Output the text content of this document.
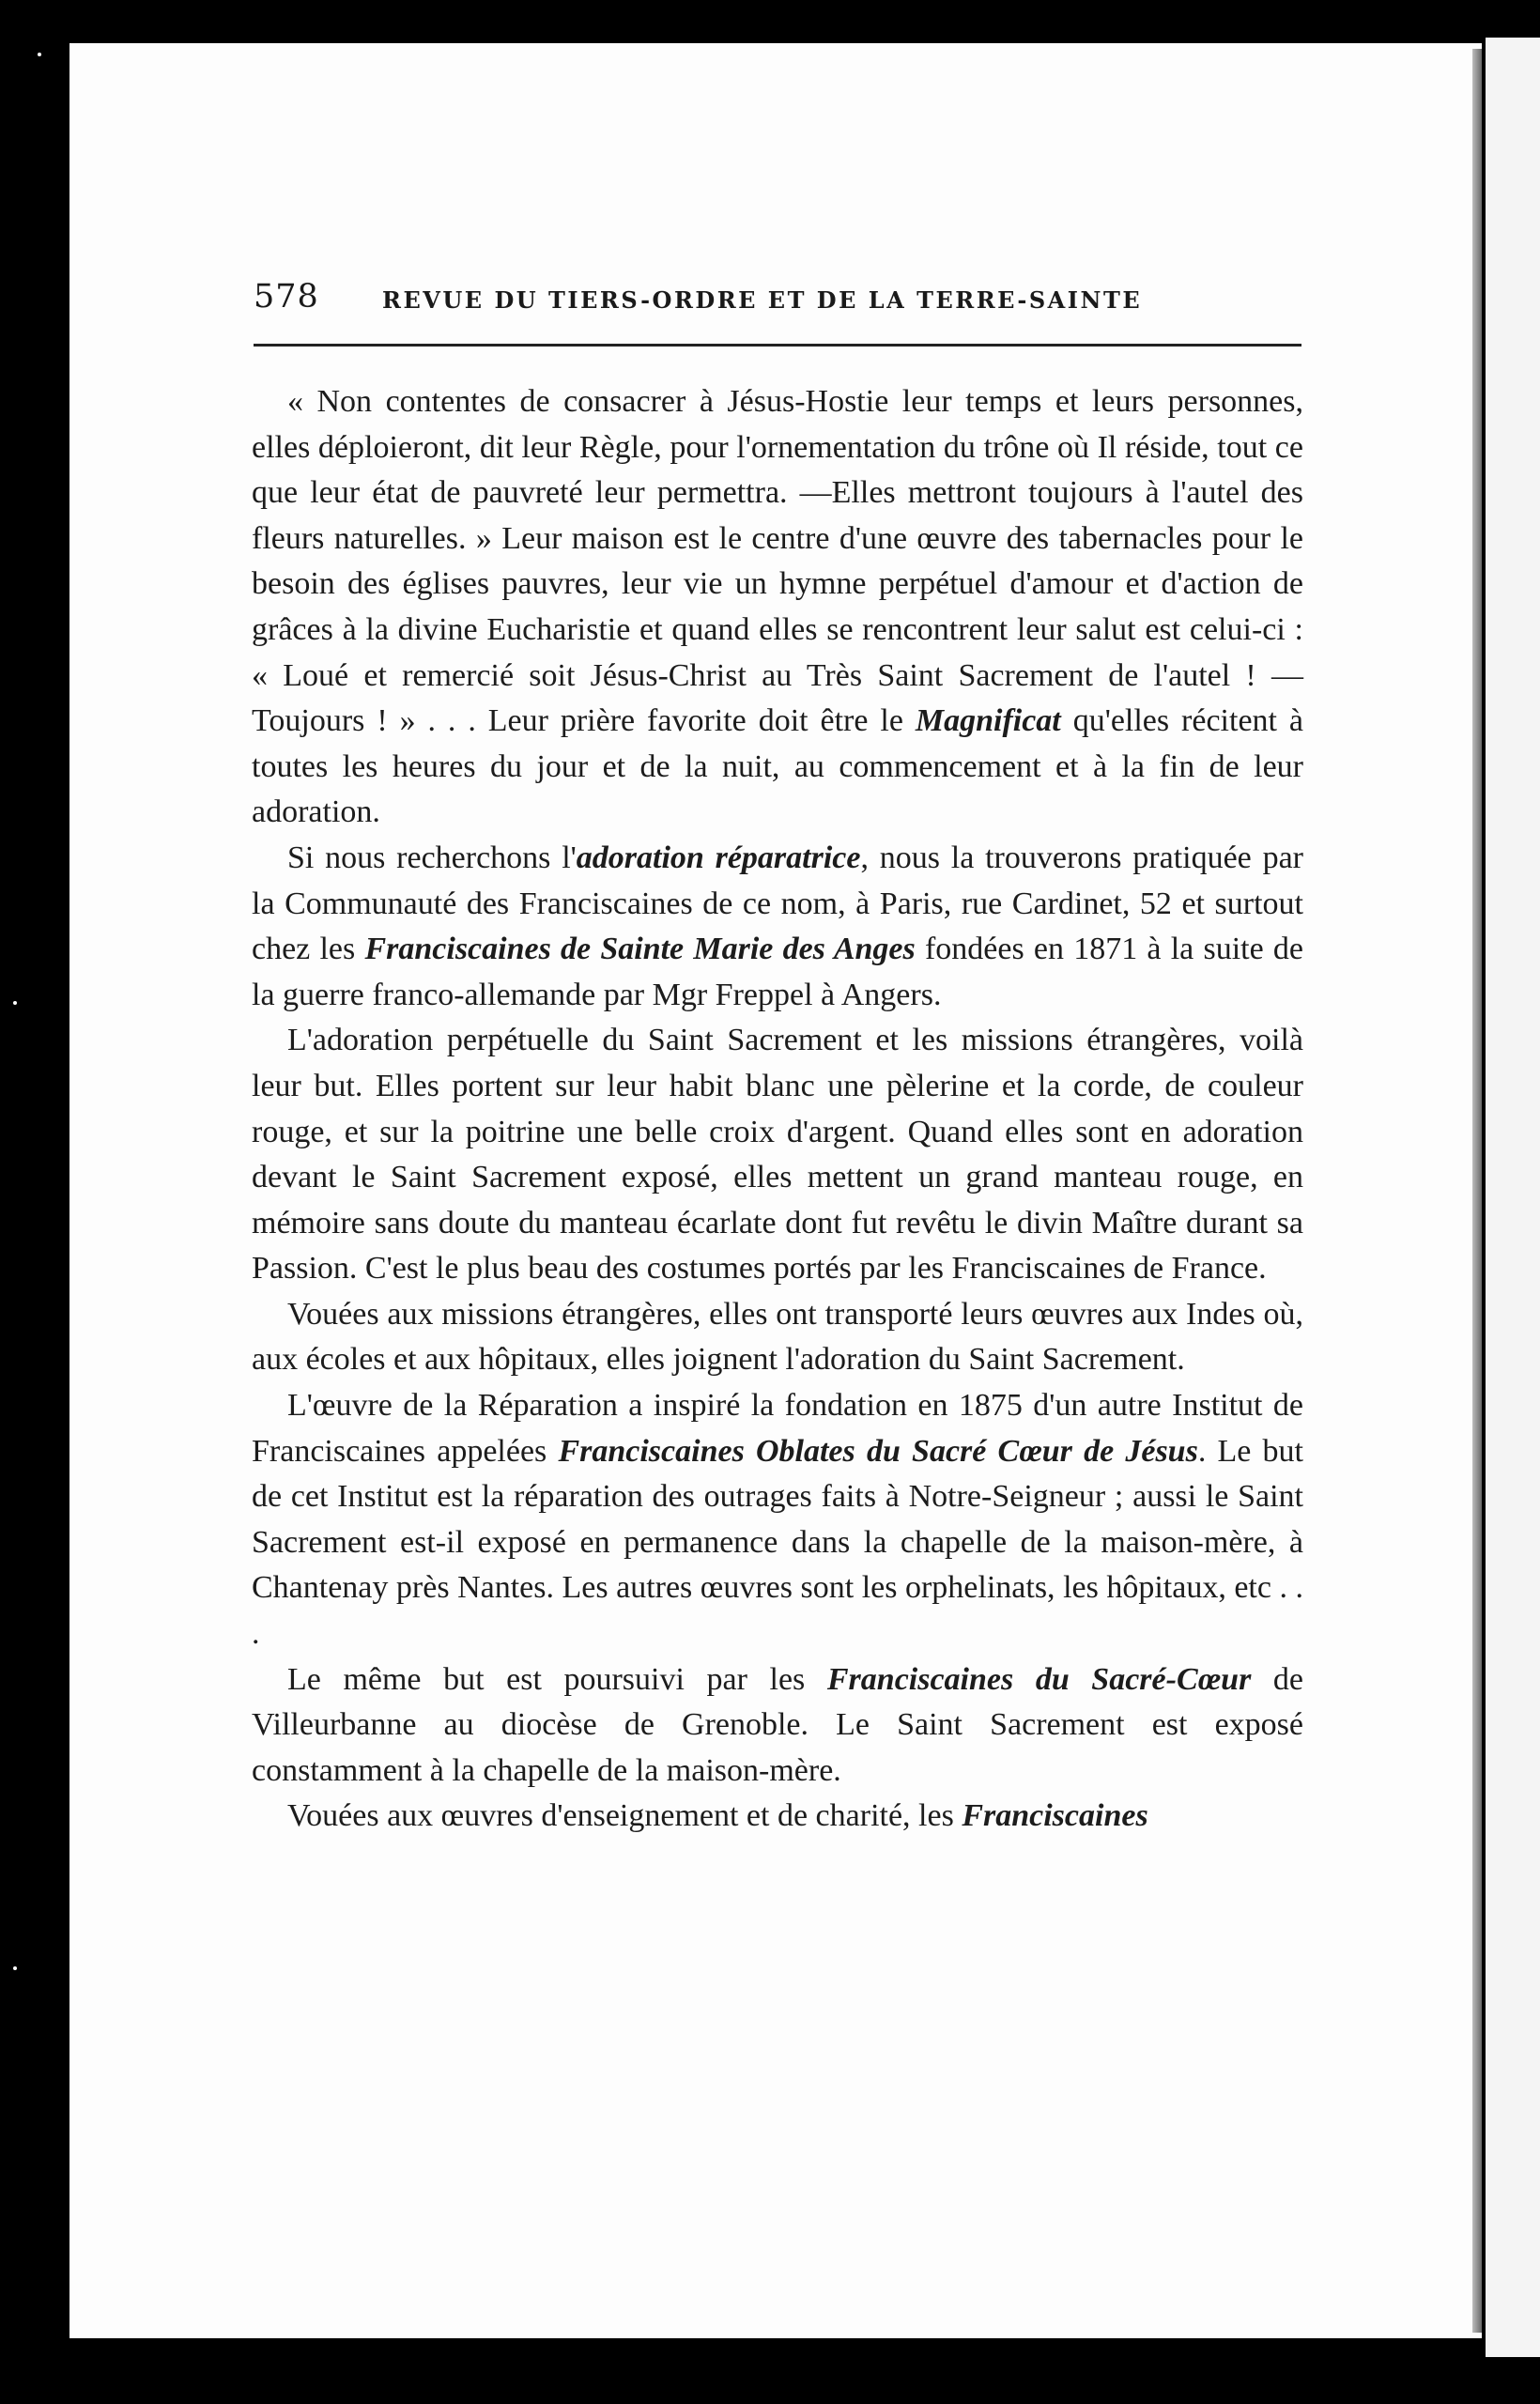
578	REVUE DU TIERS-ORDRE ET DE LA TERRE-SAINTE

« Non contentes de consacrer à Jésus-Hostie leur temps et leurs personnes, elles déploieront, dit leur Règle, pour l'ornementation du trône où Il réside, tout ce que leur état de pauvreté leur permettra. —Elles mettront toujours à l'autel des fleurs naturelles. » Leur maison est le centre d'une œuvre des tabernacles pour le besoin des églises pauvres, leur vie un hymne perpétuel d'amour et d'action de grâces à la divine Eucharistie et quand elles se rencontrent leur salut est celui-ci : « Loué et remercié soit Jésus-Christ au Très Saint Sacrement de l'autel ! — Toujours ! » . . . Leur prière favorite doit être le Magnificat qu'elles récitent à toutes les heures du jour et de la nuit, au commencement et à la fin de leur adoration.

Si nous recherchons l'adoration réparatrice, nous la trouverons pratiquée par la Communauté des Franciscaines de ce nom, à Paris, rue Cardinet, 52 et surtout chez les Franciscaines de Sainte Marie des Anges fondées en 1871 à la suite de la guerre franco-allemande par Mgr Freppel à Angers.

L'adoration perpétuelle du Saint Sacrement et les missions étrangères, voilà leur but. Elles portent sur leur habit blanc une pèlerine et la corde, de couleur rouge, et sur la poitrine une belle croix d'argent. Quand elles sont en adoration devant le Saint Sacrement exposé, elles mettent un grand manteau rouge, en mémoire sans doute du manteau écarlate dont fut revêtu le divin Maître durant sa Passion. C'est le plus beau des costumes portés par les Franciscaines de France.

Vouées aux missions étrangères, elles ont transporté leurs œuvres aux Indes où, aux écoles et aux hôpitaux, elles joignent l'adoration du Saint Sacrement.

L'œuvre de la Réparation a inspiré la fondation en 1875 d'un autre Institut de Franciscaines appelées Franciscaines Oblates du Sacré Cœur de Jésus. Le but de cet Institut est la réparation des outrages faits à Notre-Seigneur ; aussi le Saint Sacrement est-il exposé en permanence dans la chapelle de la maison-mère, à Chantenay près Nantes. Les autres œuvres sont les orphelinats, les hôpitaux, etc . . .

Le même but est poursuivi par les Franciscaines du Sacré-Cœur de Villeurbanne au diocèse de Grenoble. Le Saint Sacrement est exposé constamment à la chapelle de la maison-mère.

Vouées aux œuvres d'enseignement et de charité, les Franciscaines
